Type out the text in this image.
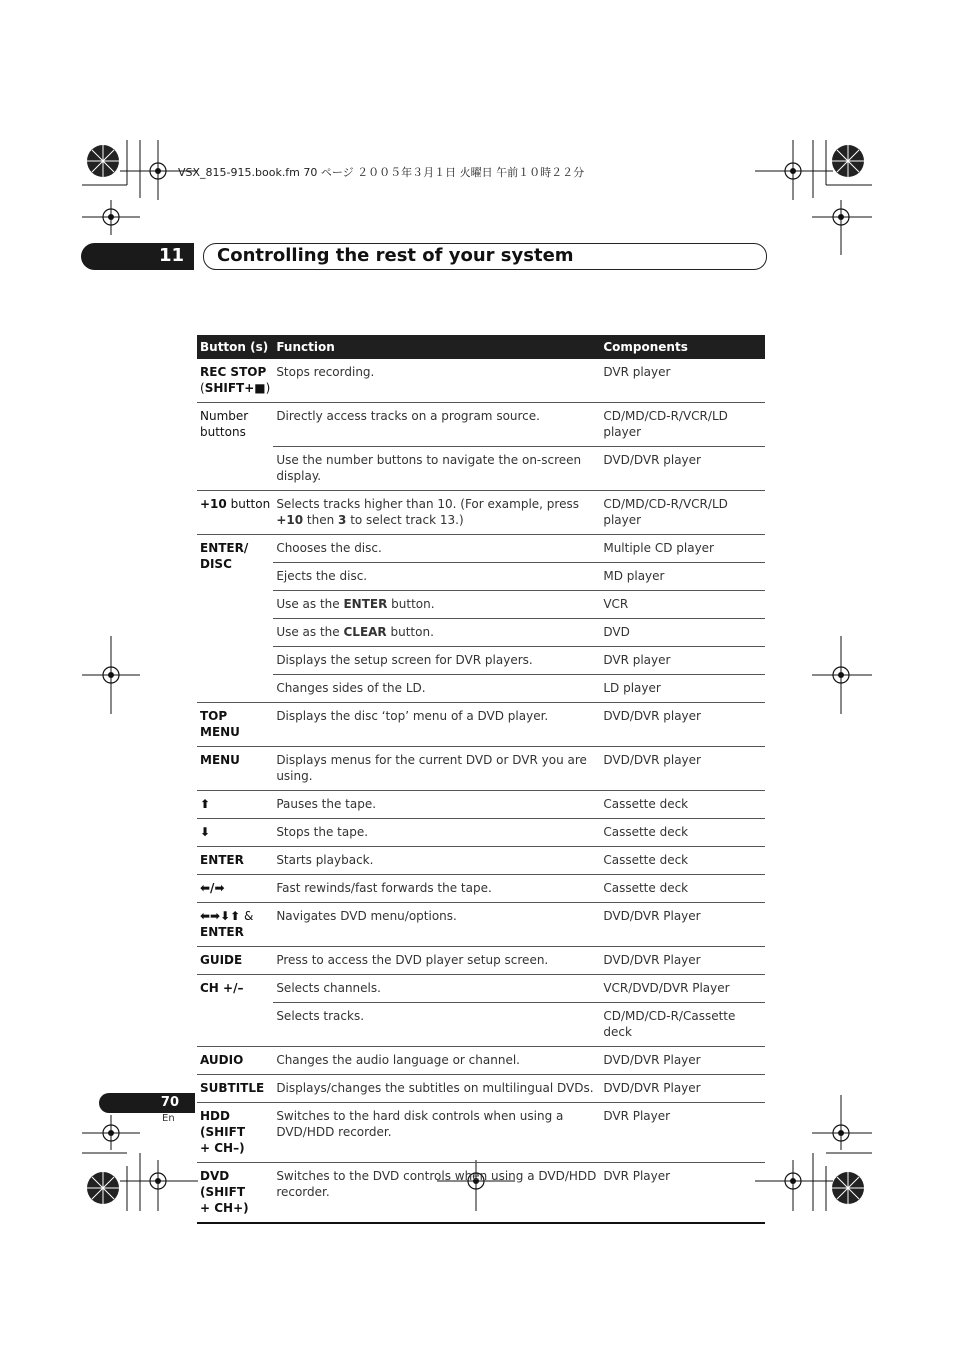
VSX_815-915.book.fm 70 ページ ２００５年３月１日 火曜日 午前１０時２２分
11 Controlling the rest of your system
Button (s)	Function	Components
REC STOP
(SHIFT+■)	Stops recording.	DVR player
Number buttons	Directly access tracks on a program source.	CD/MD/CD-R/VCR/LD player
	Use the number buttons to navigate the on-screen display.	DVD/DVR player
+10 button	Selects tracks higher than 10. (For example, press +10 then 3 to select track 13.)	CD/MD/CD-R/VCR/LD player
ENTER/
DISC	Chooses the disc.	Multiple CD player
	Ejects the disc.	MD player
	Use as the ENTER button.	VCR
	Use as the CLEAR button.	DVD
	Displays the setup screen for DVR players.	DVR player
	Changes sides of the LD.	LD player
TOP MENU	Displays the disc ‘top’ menu of a DVD player.	DVD/DVR player
MENU	Displays menus for the current DVD or DVR you are using.	DVD/DVR player
⬆	Pauses the tape.	Cassette deck
⬇	Stops the tape.	Cassette deck
ENTER	Starts playback.	Cassette deck
⬅/➡	Fast rewinds/fast forwards the tape.	Cassette deck
⬅➡⬇⬆ &
ENTER	Navigates DVD menu/options.	DVD/DVR Player
GUIDE	Press to access the DVD player setup screen.	DVD/DVR Player
CH +/–	Selects channels.	VCR/DVD/DVR Player
	Selects tracks.	CD/MD/CD-R/Cassette deck
AUDIO	Changes the audio language or channel.	DVD/DVR Player
SUBTITLE	Displays/changes the subtitles on multilingual DVDs.	DVD/DVR Player
HDD (SHIFT
+ CH–)	Switches to the hard disk controls when using a DVD/HDD recorder.	DVR Player
DVD (SHIFT
+ CH+)	Switches to the DVD controls when using a DVD/HDD recorder.	DVR Player
70
En
